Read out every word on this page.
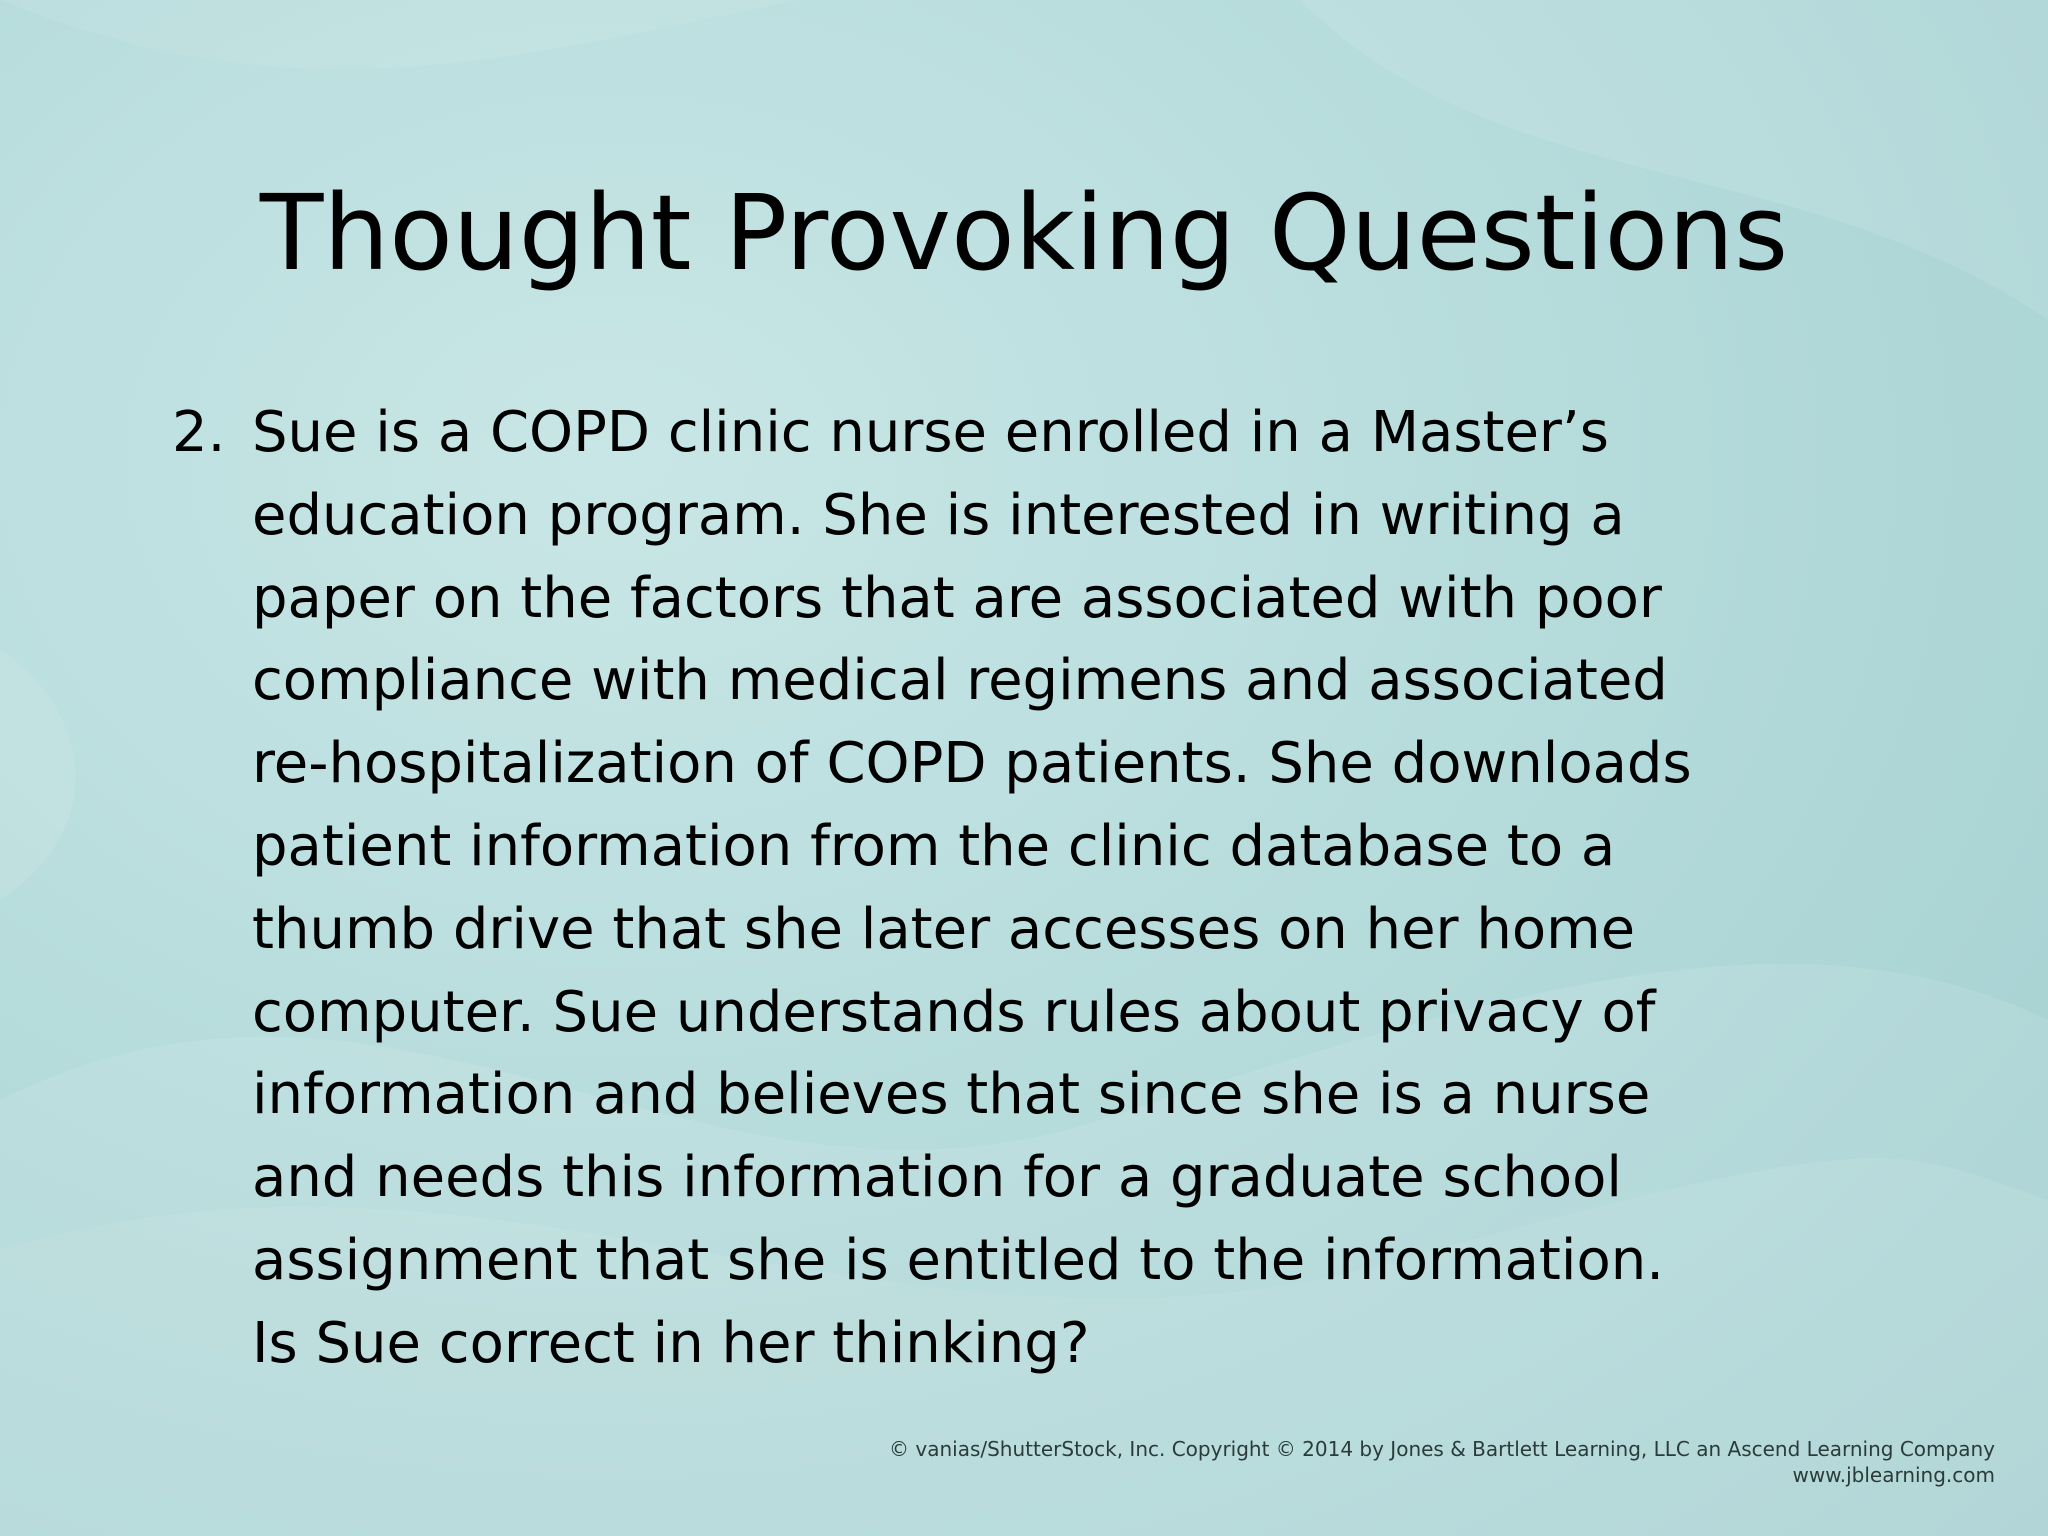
Thought Provoking Questions
2. Sue is a COPD clinic nurse enrolled in a Master’s
education program. She is interested in writing a
paper on the factors that are associated with poor
compliance with medical regimens and associated
re-hospitalization of COPD patients. She downloads
patient information from the clinic database to a
thumb drive that she later accesses on her home
computer. Sue understands rules about privacy of
information and believes that since she is a nurse
and needs this information for a graduate school
assignment that she is entitled to the information.
Is Sue correct in her thinking?
© vanias/ShutterStock, Inc. Copyright © 2014 by Jones & Bartlett Learning, LLC an Ascend Learning Company
www.jblearning.com
